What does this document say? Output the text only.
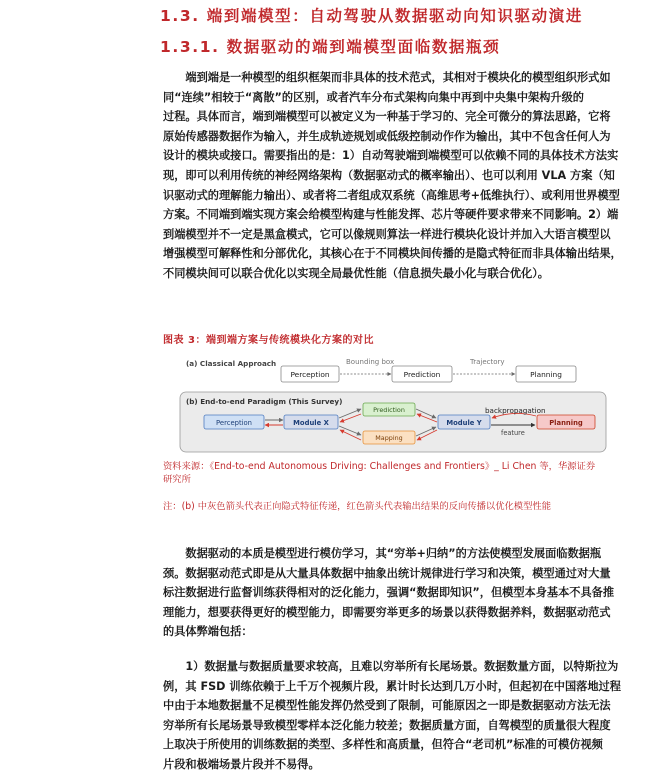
1.3. 端到端模型：自动驾驶从数据驱动向知识驱动演进
1.3.1. 数据驱动的端到端模型面临数据瓶颈
　　端到端是一种模型的组织框架而非具体的技术范式，其相对于模块化的模型组织形式如
同“连续”相较于“离散”的区别，或者汽车分布式架构向集中再到中央集中架构升级的
过程。具体而言，端到端模型可以被定义为一种基于学习的、完全可微分的算法思路，它将
原始传感器数据作为输入，并生成轨迹规划或低级控制动作作为输出，其中不包含任何人为
设计的模块或接口。需要指出的是：1）自动驾驶端到端模型可以依赖不同的具体技术方法实
现，即可以利用传统的神经网络架构（数据驱动式的概率输出）、也可以利用 VLA 方案（知
识驱动式的理解能力输出）、或者将二者组成双系统（高维思考+低维执行）、或利用世界模型
方案。不同端到端实现方案会给模型构建与性能发挥、芯片等硬件要求带来不同影响。2）端
到端模型并不一定是黑盒模式，它可以像规则算法一样进行模块化设计并加入大语言模型以
增强模型可解释性和分部优化，其核心在于不同模块间传播的是隐式特征而非具体输出结果，
不同模块间可以联合优化以实现全局最优性能（信息损失最小化与联合优化）。
图表 3：端到端方案与传统模块化方案的对比
(a) Classical Approach	Bounding box	Trajectory
Perception	Prediction	Planning
(b) End-to-end Paradigm (This Survey)
Perception	Module X
Prediction
Mapping
Module Y
feature
backpropagation
Planning
资料来源：《End-to-end Autonomous Driving: Challenges and Frontiers》_ Li Chen 等，华源证券
研究所
注：(b) 中灰色箭头代表正向隐式特征传递，红色箭头代表输出结果的反向传播以优化模型性能
　　数据驱动的本质是模型进行模仿学习，其“穷举+归纳”的方法使模型发展面临数据瓶
颈。数据驱动范式即是从大量具体数据中抽象出统计规律进行学习和决策，模型通过对大量
标注数据进行监督训练获得相对的泛化能力，强调“数据即知识”，但模型本身基本不具备推
理能力，想要获得更好的模型能力，即需要穷举更多的场景以获得数据养料，数据驱动范式
的具体弊端包括：
　　1）数据量与数据质量要求较高，且难以穷举所有长尾场景。数据数量方面，以特斯拉为
例，其 FSD 训练依赖于上千万个视频片段，累计时长达到几万小时，但起初在中国落地过程
中由于本地数据量不足模型性能发挥仍然受到了限制，可能原因之一即是数据驱动方法无法
穷举所有长尾场景导致模型零样本泛化能力较差；数据质量方面，自驾模型的质量很大程度
上取决于所使用的训练数据的类型、多样性和高质量，但符合“老司机”标准的可模仿视频
片段和极端场景片段并不易得。
